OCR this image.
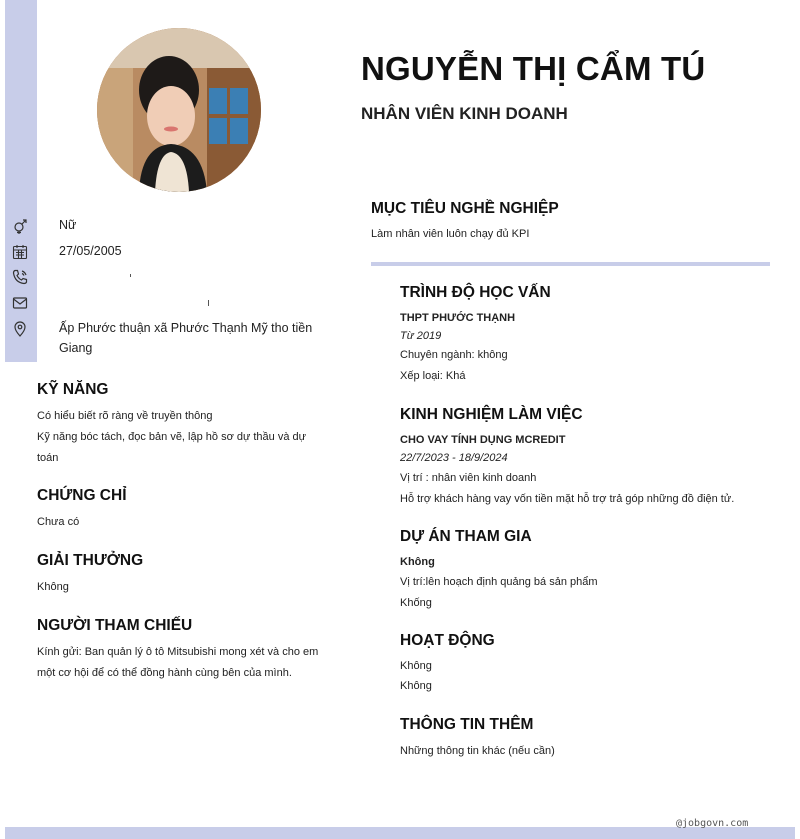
Nữ
27/05/2005
Ấp Phước thuận xã Phước Thạnh Mỹ tho tiền Giang
NGUYỄN THỊ CẨM TÚ
NHÂN VIÊN KINH DOANH
KỸ NĂNG
Có hiểu biết rõ ràng về truyền thông
Kỹ năng bóc tách, đọc bản vẽ, lập hồ sơ dự thầu và dự
toán
CHỨNG CHỈ
Chưa có
GIẢI THƯỞNG
Không
NGƯỜI THAM CHIẾU
Kính gửi: Ban quản lý ô tô Mitsubishi mong xét và cho em
một cơ hội để có thể đồng hành cùng bên của mình.
MỤC TIÊU NGHỀ NGHIỆP
Làm nhân viên luôn chạy đủ KPI
TRÌNH ĐỘ HỌC VẤN
THPT PHƯỚC THẠNH
Từ 2019
Chuyên ngành: không
Xếp loại: Khá
KINH NGHIỆM LÀM VIỆC
CHO VAY TÍNH DỤNG MCREDIT
22/7/2023 - 18/9/2024
Vị trí : nhân viên kinh doanh
Hỗ trợ khách hàng vay vốn tiền mặt hỗ trợ trả góp những đồ điện tử.
DỰ ÁN THAM GIA
Không
Vị trí:lên hoạch định quảng bá sản phẩm
Khống
HOẠT ĐỘNG
Không
Không
THÔNG TIN THÊM
Những thông tin khác (nếu cần)
@jobgovn.com
